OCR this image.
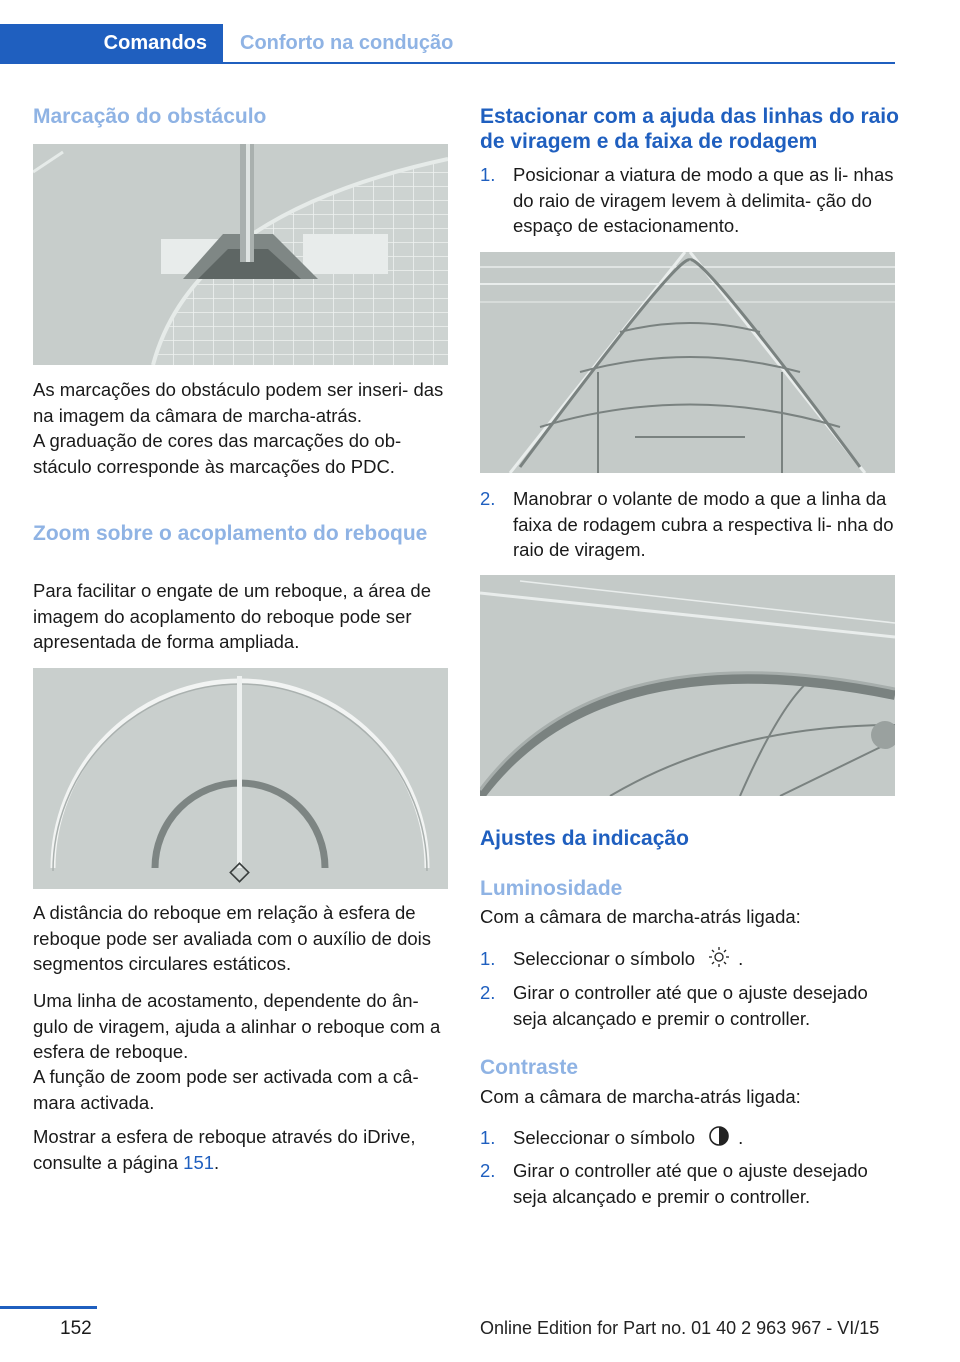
Comandos	Conforto na condução
Marcação do obstáculo

As marcações do obstáculo podem ser inseri- das na imagem da câmara de marcha-atrás.

A graduação de cores das marcações do ob- stáculo corresponde às marcações do PDC.

Zoom sobre o acoplamento do reboque

Para facilitar o engate de um reboque, a área de imagem do acoplamento do reboque pode ser apresentada de forma ampliada.

A distância do reboque em relação à esfera de reboque pode ser avaliada com o auxílio de dois segmentos circulares estáticos.

Uma linha de acostamento, dependente do ân- gulo de viragem, ajuda a alinhar o reboque com a esfera de reboque.

A função de zoom pode ser activada com a câ- mara activada.

Mostrar a esfera de reboque através do iDrive, consulte a página 151.

Estacionar com a ajuda das linhas do raio de viragem e da faixa de rodagem
1. Posicionar a viatura de modo a que as li- nhas do raio de viragem levem à delimita- ção do espaço de estacionamento.
2. Manobrar o volante de modo a que a linha da faixa de rodagem cubra a respectiva li- nha do raio de viragem.
Ajustes da indicação
Luminosidade

Com a câmara de marcha-atrás ligada:

1. Seleccionar o símbolo .
2. Girar o controller até que o ajuste desejado seja alcançado e premir o controller.
Contraste

Com a câmara de marcha-atrás ligada:

1. Seleccionar o símbolo .
2. Girar o controller até que o ajuste desejado seja alcançado e premir o controller.
152	Online Edition for Part no. 01 40 2 963 967 - VI/15
